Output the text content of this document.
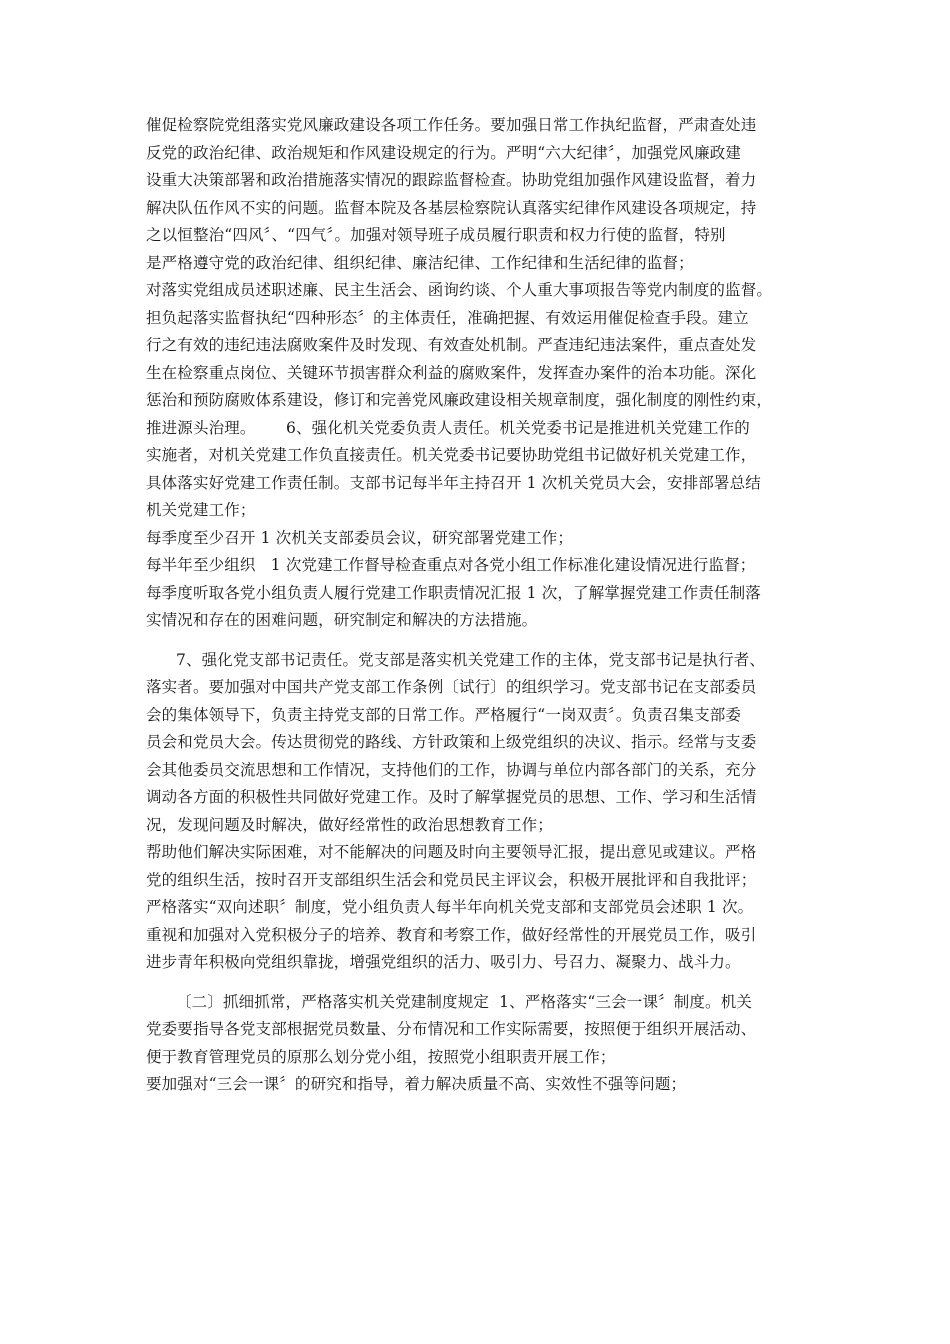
催促检察院党组落实党风廉政建设各项工作任务。要加强日常工作执纪监督，严肃查处违
反党的政治纪律、政治规矩和作风建设规定的行为。严明“六大纪律〞，加强党风廉政建
设重大决策部署和政治措施落实情况的跟踪监督检查。协助党组加强作风建设监督，着力
解决队伍作风不实的问题。监督本院及各基层检察院认真落实纪律作风建设各项规定，持
之以恒整治“四风〞、“四气〞。加强对领导班子成员履行职责和权力行使的监督，特别
是严格遵守党的政治纪律、组织纪律、廉洁纪律、工作纪律和生活纪律的监督；
对落实党组成员述职述廉、民主生活会、函询约谈、个人重大事项报告等党内制度的监督。
担负起落实监督执纪“四种形态〞的主体责任，准确把握、有效运用催促检查手段。建立
行之有效的违纪违法腐败案件及时发现、有效查处机制。严查违纪违法案件，重点查处发
生在检察重点岗位、关键环节损害群众利益的腐败案件，发挥查办案件的治本功能。深化
惩治和预防腐败体系建设，修订和完善党风廉政建设相关规章制度，强化制度的刚性约束，
推进源头治理。      6、强化机关党委负责人责任。机关党委书记是推进机关党建工作的
实施者，对机关党建工作负直接责任。机关党委书记要协助党组书记做好机关党建工作，
具体落实好党建工作责任制。支部书记每半年主持召开 1 次机关党员大会，安排部署总结
机关党建工作；
每季度至少召开 1 次机关支部委员会议，研究部署党建工作；
每半年至少组织   1 次党建工作督导检查重点对各党小组工作标准化建设情况进行监督；
每季度听取各党小组负责人履行党建工作职责情况汇报 1 次，了解掌握党建工作责任制落
实情况和存在的困难问题，研究制定和解决的方法措施。
7、强化党支部书记责任。党支部是落实机关党建工作的主体，党支部书记是执行者、
落实者。要加强对中国共产党支部工作条例〔试行〕的组织学习。党支部书记在支部委员
会的集体领导下，负责主持党支部的日常工作。严格履行“一岗双责〞。负责召集支部委
员会和党员大会。传达贯彻党的路线、方针政策和上级党组织的决议、指示。经常与支委
会其他委员交流思想和工作情况，支持他们的工作，协调与单位内部各部门的关系，充分
调动各方面的积极性共同做好党建工作。及时了解掌握党员的思想、工作、学习和生活情
况，发现问题及时解决，做好经常性的政治思想教育工作；
帮助他们解决实际困难，对不能解决的问题及时向主要领导汇报，提出意见或建议。严格
党的组织生活，按时召开支部组织生活会和党员民主评议会，积极开展批评和自我批评；
严格落实“双向述职〞制度，党小组负责人每半年向机关党支部和支部党员会述职 1 次。
重视和加强对入党积极分子的培养、教育和考察工作，做好经常性的开展党员工作，吸引
进步青年积极向党组织靠拢，增强党组织的活力、吸引力、号召力、凝聚力、战斗力。
〔二〕抓细抓常，严格落实机关党建制度规定  1、严格落实“三会一课〞制度。机关
党委要指导各党支部根据党员数量、分布情况和工作实际需要，按照便于组织开展活动、
便于教育管理党员的原那么划分党小组，按照党小组职责开展工作；
要加强对“三会一课〞的研究和指导，着力解决质量不高、实效性不强等问题；
